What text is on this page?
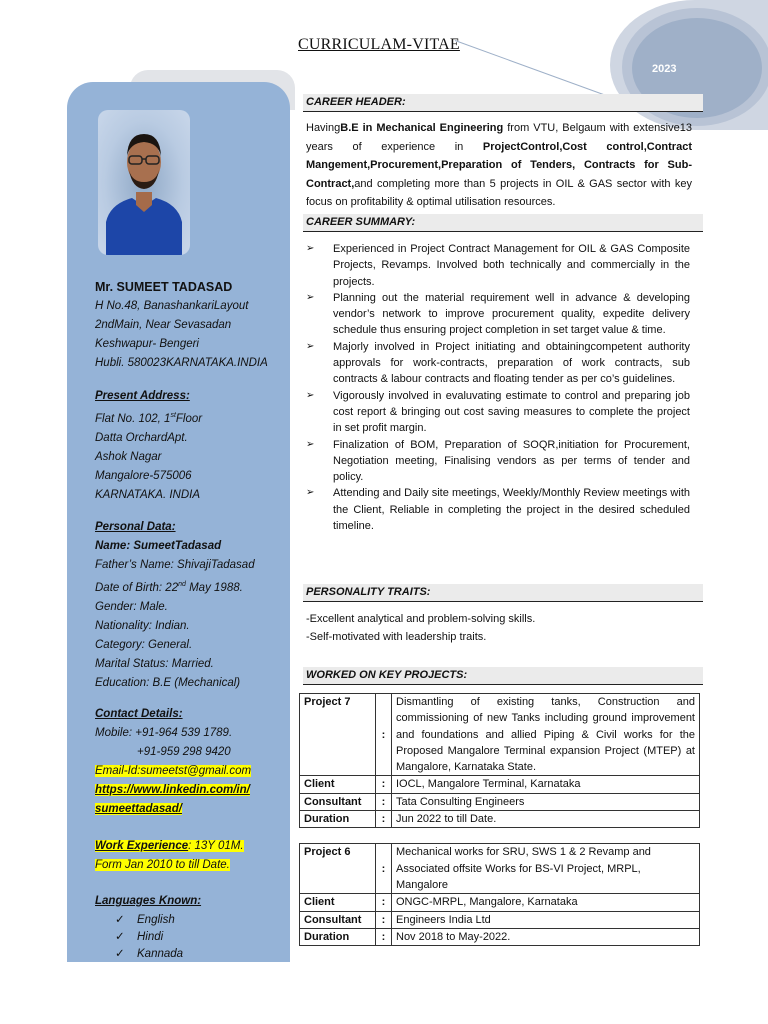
2023
CURRICULAM-VITAE
Mr. SUMEET TADASAD
H No.48, BanashankariLayout
2ndMain, Near Sevasadan
Keshwapur- Bengeri
Hubli. 580023KARNATAKA.INDIA
Present Address:
Flat No. 102, 1stFloor
Datta OrchardApt.
Ashok Nagar
Mangalore-575006
KARNATAKA. INDIA
Personal Data:
Name: SumeetTadasad
Father’s Name: ShivajiTadasad
Date of Birth: 22nd May 1988.
Gender: Male.
Nationality: Indian.
Category: General.
Marital Status: Married.
Education: B.E (Mechanical)
Contact Details:
Mobile: +91-964 539 1789.
+91-959 298 9420
Email-Id:sumeetst@gmail.com
https://www.linkedin.com/in/
sumeettadasad/
Work Experience: 13Y 01M.
Form Jan 2010 to till Date.
Languages Known:
✓ English
✓ Hindi
✓ Kannada
CAREER HEADER:
HavingB.E in Mechanical Engineering from VTU, Belgaum with extensive13 years of experience in ProjectControl,Cost control,Contract Mangement,Procurement,Preparation of Tenders, Contracts for Sub-Contract,and completing more than 5 projects in OIL & GAS sector with key focus on profitability & optimal utilisation resources.
CAREER SUMMARY:
➢	Experienced in Project Contract Management for OIL & GAS Composite Projects, Revamps. Involved both technically and commercially in the projects.
➢	Planning out the material requirement well in advance & developing vendor’s network to improve procurement quality, expedite delivery schedule thus ensuring project completion in set target value & time.
➢	Majorly involved in Project initiating and obtainingcompetent authority approvals for work-contracts, preparation of work contracts, sub contracts & labour contracts and floating tender as per co’s guidelines.
➢	Vigorously involved in evaluvating estimate to control and preparing job cost report & bringing out cost saving measures to complete the project in set profit margin.
➢	Finalization of BOM, Preparation of SOQR,initiation for Procurement, Negotiation meeting, Finalising vendors as per terms of tender and policy.
➢	Attending and Daily site meetings, Weekly/Monthly Review meetings with the Client, Reliable in completing the project in the desired scheduled timeline.
PERSONALITY TRAITS:
-Excellent analytical and problem-solving skills.
-Self-motivated with leadership traits.
WORKED ON KEY PROJECTS:
Project 7	:	Dismantling of existing tanks, Construction and commissioning of new Tanks including ground improvement and foundations and allied Piping & Civil works for the Proposed Mangalore Terminal expansion Project (MTEP) at Mangalore, Karnataka State.
Client	:	IOCL, Mangalore Terminal, Karnataka
Consultant	:	Tata Consulting Engineers
Duration	:	Jun 2022 to till Date.

Project 6	:	Mechanical works for SRU, SWS 1 & 2 Revamp and Associated offsite Works for BS-VI Project, MRPL, Mangalore
Client	:	ONGC-MRPL, Mangalore, Karnataka
Consultant	:	Engineers India Ltd
Duration	:	Nov 2018 to May-2022.
